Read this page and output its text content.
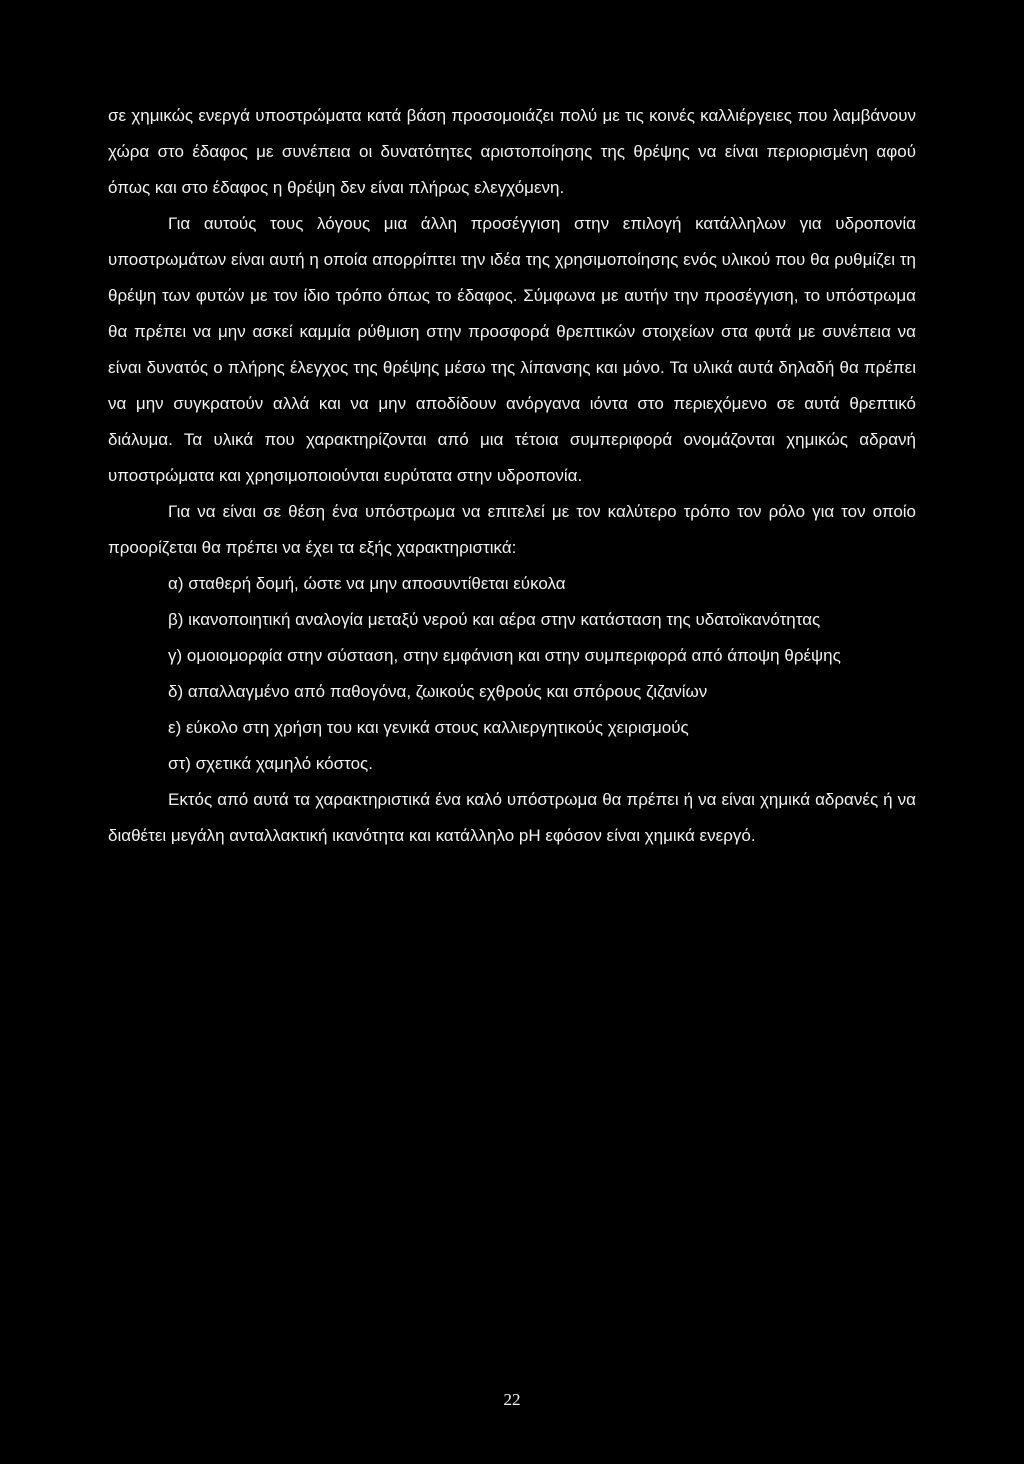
σε χημικώς ενεργά υποστρώματα κατά βάση προσομοιάζει πολύ με τις κοινές καλλιέργειες που λαμβάνουν χώρα στο έδαφος με συνέπεια οι δυνατότητες αριστοποίησης της θρέψης να είναι περιορισμένη αφού όπως και στο έδαφος η θρέψη δεν είναι πλήρως ελεγχόμενη.

Για αυτούς τους λόγους μια άλλη προσέγγιση στην επιλογή κατάλληλων για υδροπονία υποστρωμάτων είναι αυτή η οποία απορρίπτει την ιδέα της χρησιμοποίησης ενός υλικού που θα ρυθμίζει τη θρέψη των φυτών με τον ίδιο τρόπο όπως το έδαφος. Σύμφωνα με αυτήν την προσέγγιση, το υπόστρωμα θα πρέπει να μην ασκεί καμμία ρύθμιση στην προσφορά θρεπτικών στοιχείων στα φυτά με συνέπεια να είναι δυνατός ο πλήρης έλεγχος της θρέψης μέσω της λίπανσης και μόνο. Τα υλικά αυτά δηλαδή θα πρέπει να μην συγκρατούν αλλά και να μην αποδίδουν ανόργανα ιόντα στο περιεχόμενο σε αυτά θρεπτικό διάλυμα. Τα υλικά που χαρακτηρίζονται από μια τέτοια συμπεριφορά ονομάζονται χημικώς αδρανή υποστρώματα και χρησιμοποιούνται ευρύτατα στην υδροπονία.

Για να είναι σε θέση ένα υπόστρωμα να επιτελεί με τον καλύτερο τρόπο τον ρόλο για τον οποίο προορίζεται θα πρέπει να έχει τα εξής χαρακτηριστικά:

α) σταθερή δομή, ώστε να μην αποσυντίθεται εύκολα

β) ικανοποιητική αναλογία μεταξύ νερού και αέρα στην κατάσταση της υδατοϊκανότητας

γ) ομοιομορφία στην σύσταση, στην εμφάνιση και στην συμπεριφορά από άποψη θρέψης

δ) απαλλαγμένο από παθογόνα, ζωικούς εχθρούς και σπόρους ζιζανίων

ε) εύκολο στη χρήση του και γενικά στους καλλιεργητικούς χειρισμούς

στ) σχετικά χαμηλό κόστος.

Εκτός από αυτά τα χαρακτηριστικά ένα καλό υπόστρωμα θα πρέπει ή να είναι χημικά αδρανές ή να διαθέτει μεγάλη ανταλλακτική ικανότητα και κατάλληλο pH εφόσον είναι χημικά ενεργό.

22
